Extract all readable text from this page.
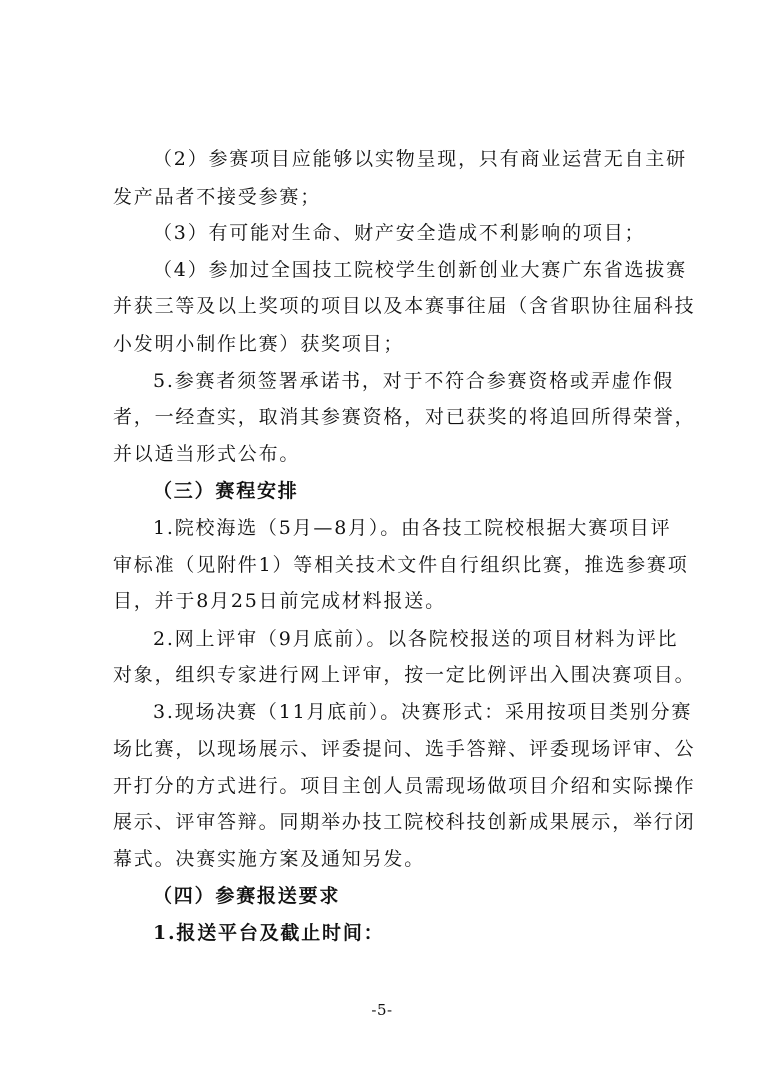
（2）参赛项目应能够以实物呈现，只有商业运营无自主研
发产品者不接受参赛；
（3）有可能对生命、财产安全造成不利影响的项目；
（4）参加过全国技工院校学生创新创业大赛广东省选拔赛
并获三等及以上奖项的项目以及本赛事往届（含省职协往届科技
小发明小制作比赛）获奖项目；
5.参赛者须签署承诺书，对于不符合参赛资格或弄虚作假
者，一经查实，取消其参赛资格，对已获奖的将追回所得荣誉，
并以适当形式公布。
（三）赛程安排
1.院校海选（5月—8月）。由各技工院校根据大赛项目评
审标准（见附件1）等相关技术文件自行组织比赛，推选参赛项
目，并于8月25日前完成材料报送。
2.网上评审（9月底前）。以各院校报送的项目材料为评比
对象，组织专家进行网上评审，按一定比例评出入围决赛项目。
3.现场决赛（11月底前）。决赛形式：采用按项目类别分赛
场比赛，以现场展示、评委提问、选手答辩、评委现场评审、公
开打分的方式进行。项目主创人员需现场做项目介绍和实际操作
展示、评审答辩。同期举办技工院校科技创新成果展示，举行闭
幕式。决赛实施方案及通知另发。
（四）参赛报送要求
1.报送平台及截止时间：
-5-
